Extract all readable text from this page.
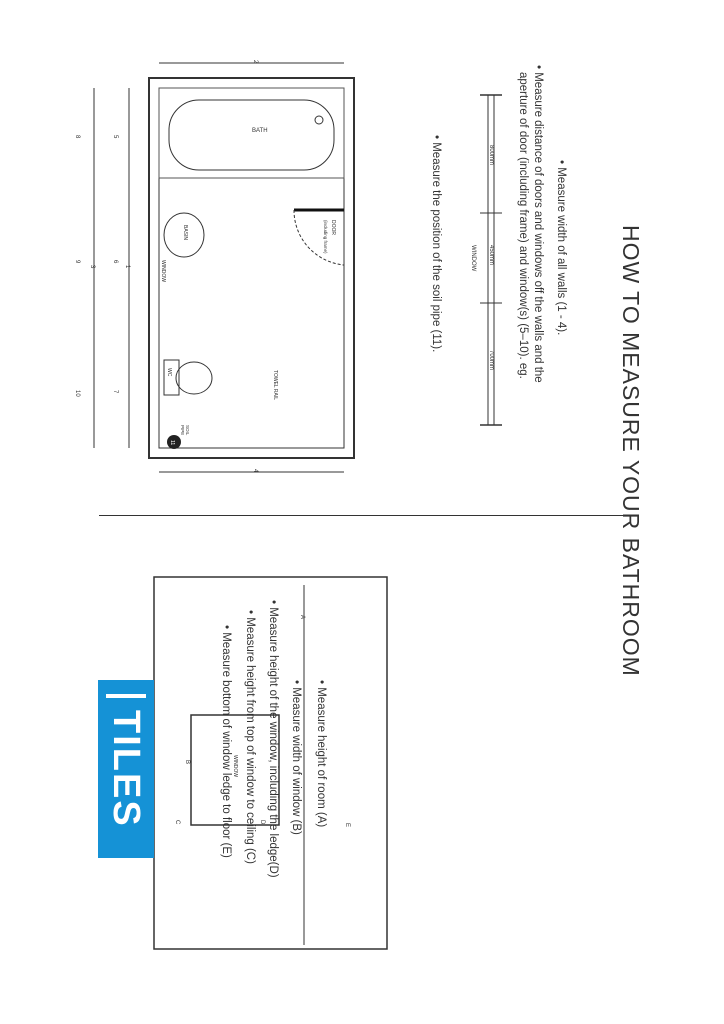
HOW TO MEASURE YOUR BATHROOM
• Measure width of all walls (1 - 4).
• Measure distance of doors and windows off the walls and the
aperture of door (including frame) and window(s) (5–10). eg.
• Measure the position of the soil pipe (11).	800mm
450mm
700mm
WINDOW
BATH
BASIN
WC
WINDOW
DOOR
(including frame)
TOWEL RAIL
SOIL
PIPE
11
1
3
2
4
5
6
7
8
9
10
A
WINDOW
B
C	D
E
• Measure height of room (A)
• Measure width of window (B)
• Measure height of the window, including the ledge(D)
• Measure height from top of window to ceiling (C)
• Measure bottom of window ledge to floor (E)
TILES
